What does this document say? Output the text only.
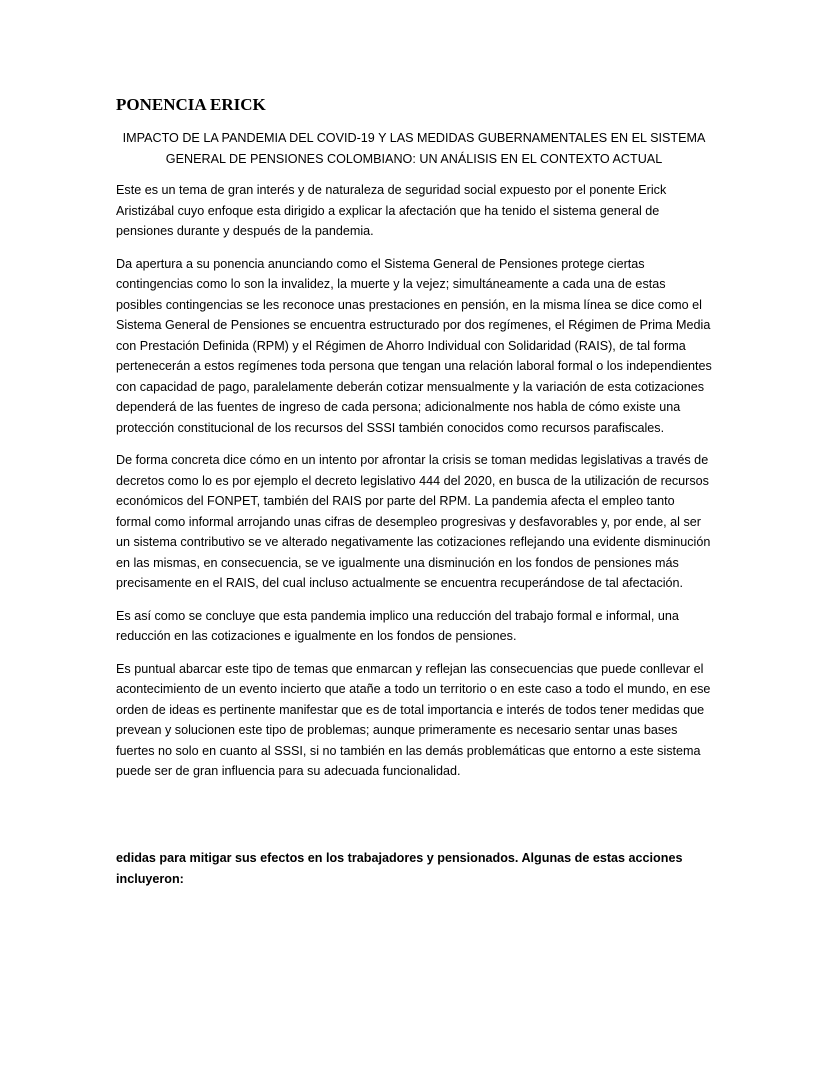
PONENCIA ERICK

IMPACTO DE LA PANDEMIA DEL COVID-19 Y LAS MEDIDAS GUBERNAMENTALES EN EL SISTEMA GENERAL DE PENSIONES COLOMBIANO: UN ANÁLISIS EN EL CONTEXTO ACTUAL

Este es un tema de gran interés y de naturaleza de seguridad social expuesto por el ponente Erick Aristizábal cuyo enfoque esta dirigido a explicar la afectación que ha tenido el sistema general de pensiones durante y después de la pandemia.

Da apertura a su ponencia anunciando como el Sistema General de Pensiones protege ciertas contingencias como lo son la invalidez, la muerte y la vejez; simultáneamente a cada una de estas posibles contingencias se les reconoce unas prestaciones en pensión, en la misma línea se dice como el Sistema General de Pensiones se encuentra estructurado por dos regímenes, el Régimen de Prima Media con Prestación Definida (RPM) y el Régimen de Ahorro Individual con Solidaridad (RAIS), de tal forma pertenecerán a estos regímenes toda persona que tengan una relación laboral formal o los independientes con capacidad de pago, paralelamente deberán cotizar mensualmente y la variación de esta cotizaciones dependerá de las fuentes de ingreso de cada persona; adicionalmente nos habla de cómo existe una protección constitucional de los recursos del SSSI también conocidos como recursos parafiscales.

De forma concreta dice cómo en un intento por afrontar la crisis se toman medidas legislativas a través de decretos como lo es por ejemplo el decreto legislativo 444 del 2020, en busca de la utilización de recursos económicos del FONPET, también del RAIS por parte del RPM. La pandemia afecta el empleo tanto formal como informal arrojando unas cifras de desempleo progresivas y desfavorables y, por ende, al ser un sistema contributivo se ve alterado negativamente las cotizaciones reflejando una evidente disminución en las mismas, en consecuencia, se ve igualmente una disminución en los fondos de pensiones más precisamente en el RAIS, del cual incluso actualmente se encuentra recuperándose de tal afectación.

Es así como se concluye que esta pandemia implico una reducción del trabajo formal e informal, una reducción en las cotizaciones e igualmente en los fondos de pensiones.

Es puntual abarcar este tipo de temas que enmarcan y reflejan las consecuencias que puede conllevar el acontecimiento de un evento incierto que atañe a todo un territorio o en este caso a todo el mundo, en ese orden de ideas es pertinente manifestar que es de total importancia e interés de todos tener medidas que prevean y solucionen este tipo de problemas; aunque primeramente es necesario sentar unas bases fuertes no solo en cuanto al SSSI, si no también en las demás problemáticas que entorno a este sistema puede ser de gran influencia para su adecuada funcionalidad.

edidas para mitigar sus efectos en los trabajadores y pensionados. Algunas de estas acciones incluyeron:
